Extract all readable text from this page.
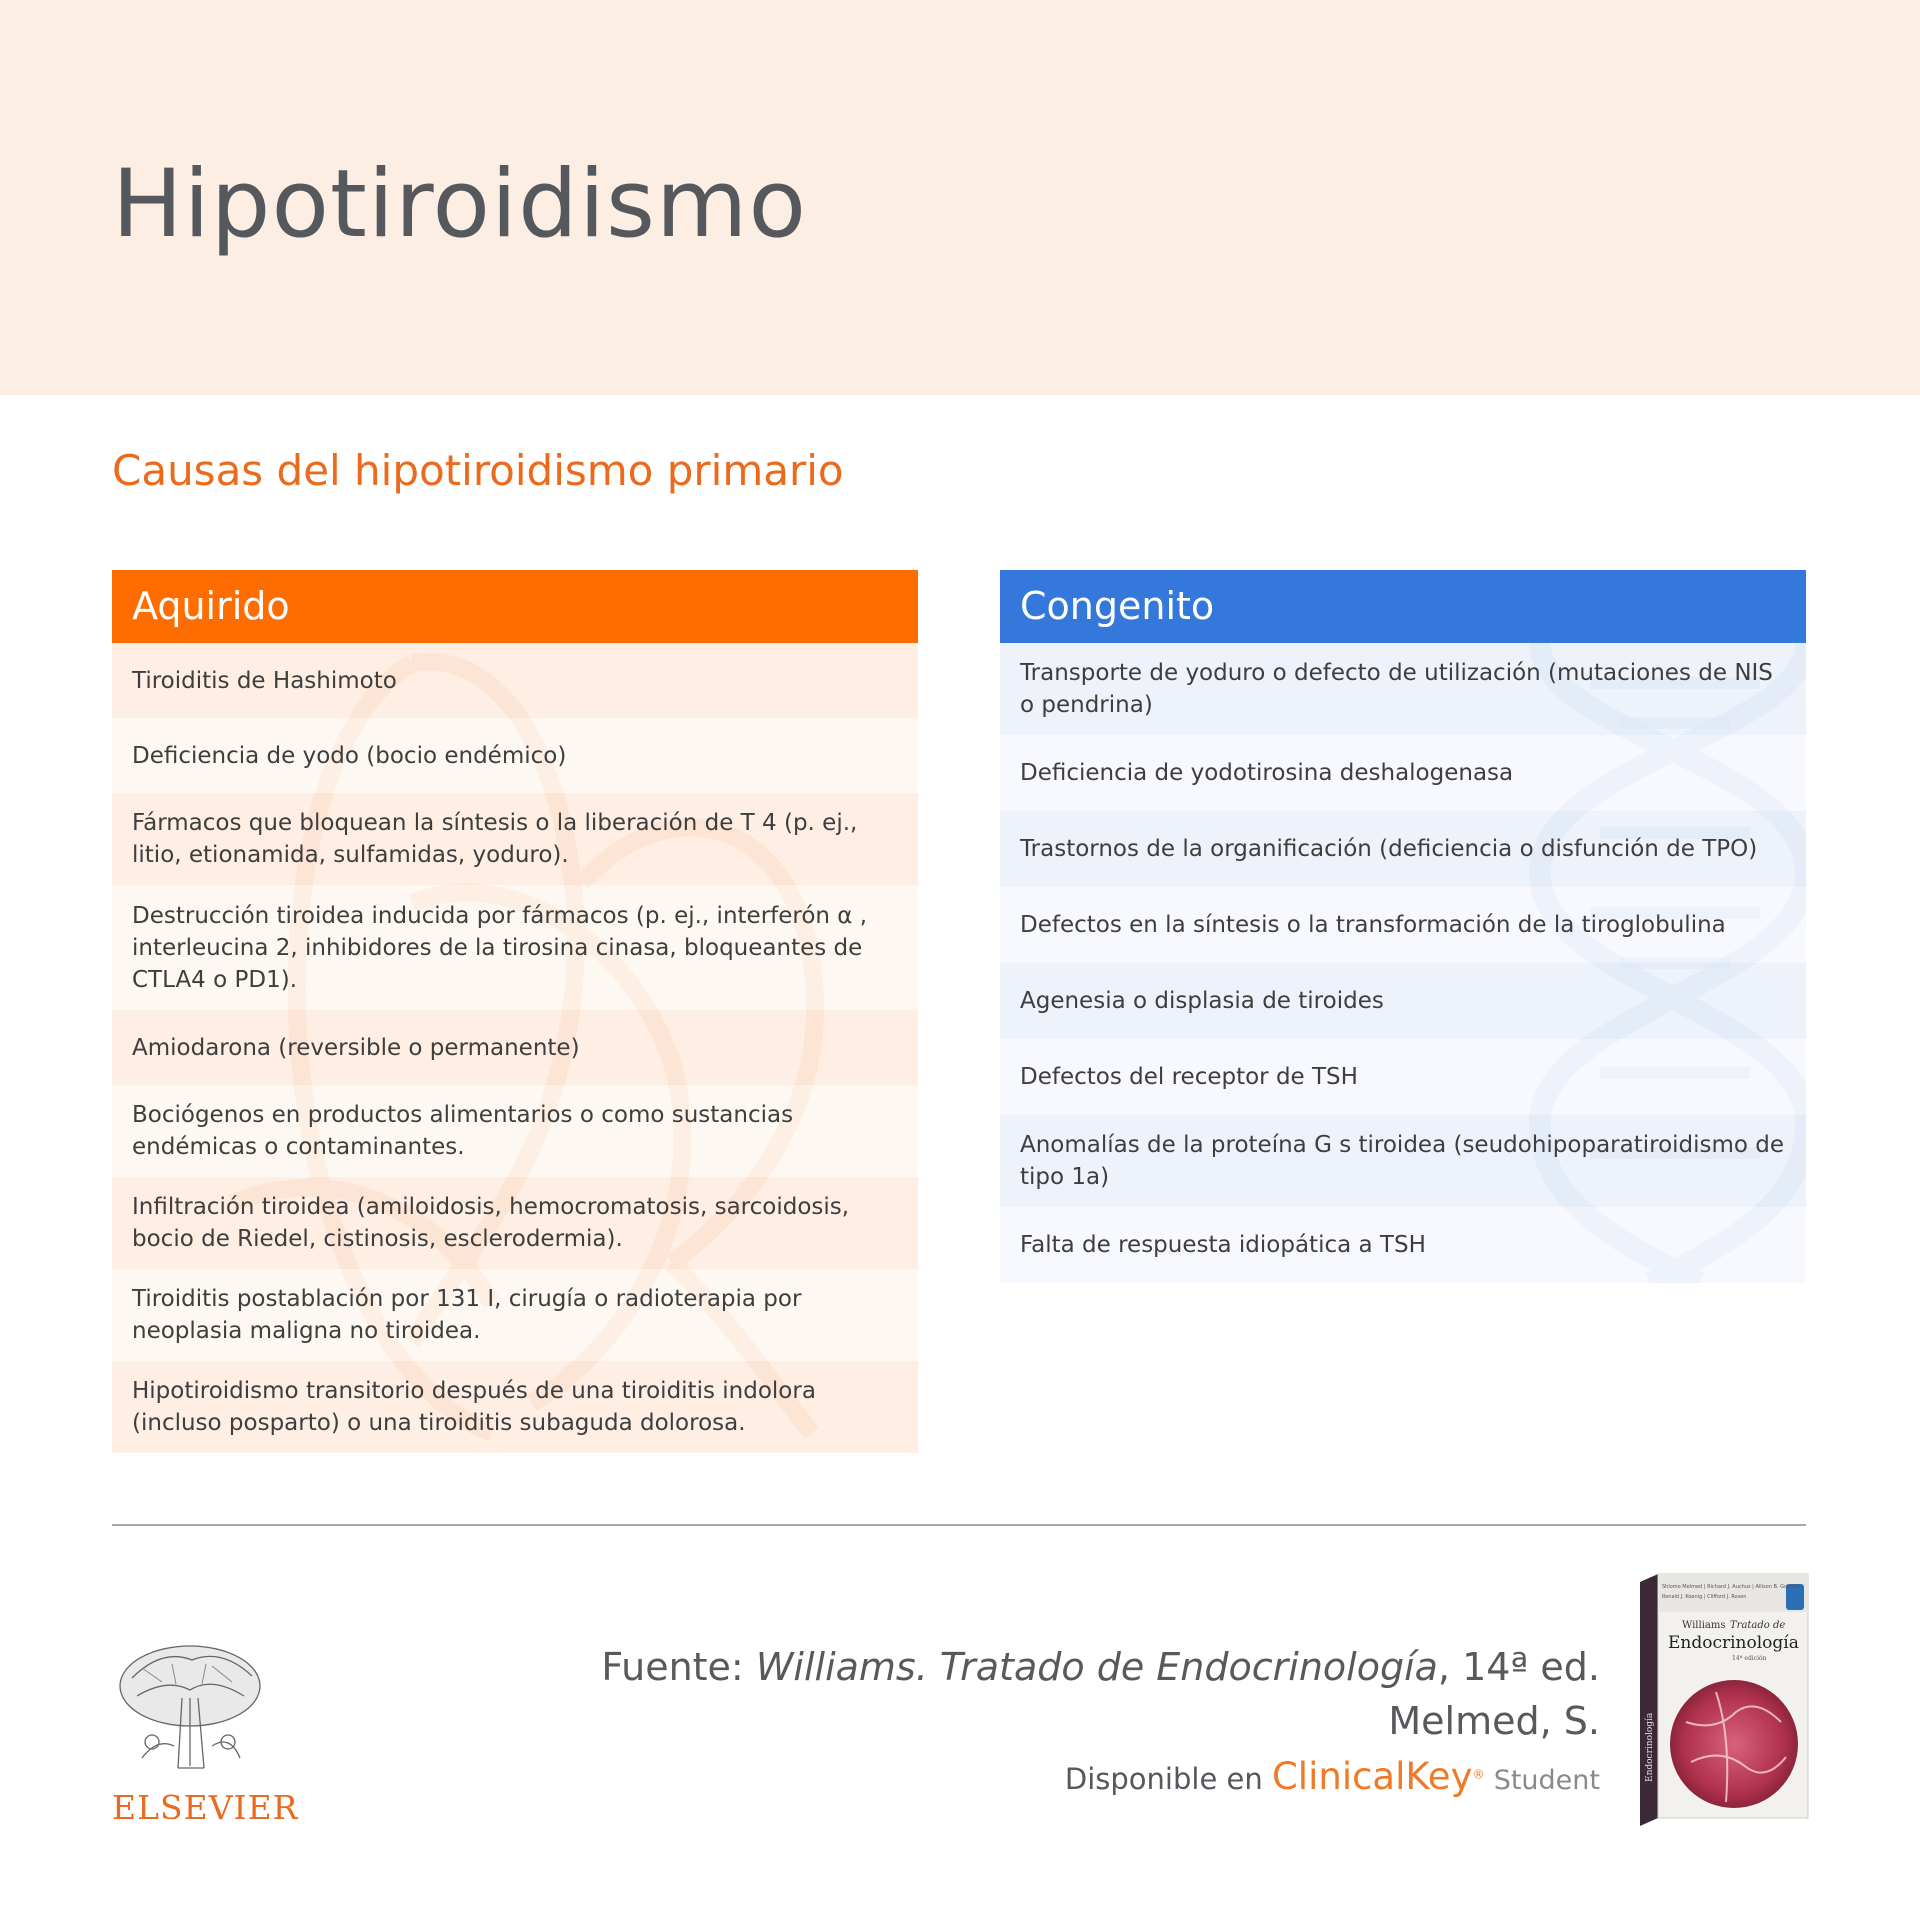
Hipotiroidismo
Causas del hipotiroidismo primario
Aquirido
Tiroiditis de Hashimoto
Deficiencia de yodo (bocio endémico)
Fármacos que bloquean la síntesis o la liberación de T 4 (p. ej., litio, etionamida, sulfamidas, yoduro).
Destrucción tiroidea inducida por fármacos (p. ej., interferón α , interleucina 2, inhibidores de la tirosina cinasa, bloqueantes de CTLA4 o PD1).
Amiodarona (reversible o permanente)
Bociógenos en productos alimentarios o como sustancias endémicas o contaminantes.
Infiltración tiroidea (amiloidosis, hemocromatosis, sarcoidosis, bocio de Riedel, cistinosis, esclerodermia).
Tiroiditis postablación por 131 I, cirugía o radioterapia por neoplasia maligna no tiroidea.
Hipotiroidismo transitorio después de una tiroiditis indolora (incluso posparto) o una tiroiditis subaguda dolorosa.
Congenito
Transporte de yoduro o defecto de utilización (mutaciones de NIS o pendrina)
Deficiencia de yodotirosina deshalogenasa
Trastornos de la organificación (deficiencia o disfunción de TPO)
Defectos en la síntesis o la transformación de la tiroglobulina
Agenesia o displasia de tiroides
Defectos del receptor de TSH
Anomalías de la proteína G s tiroidea (seudohipoparatiroidismo de tipo 1a)
Falta de respuesta idiopática a TSH
ELSEVIER
Fuente: Williams. Tratado de Endocrinología, 14ª ed.
Melmed, S.
Disponible en ClinicalKey® Student
Shlomo Melmed | Richard J. Auchus | Allison B. Goldfine
Ronald J. Koenig | Clifford J. Rosen
Williams Tratado de
Endocrinología
14ª edición
Endocrinología
